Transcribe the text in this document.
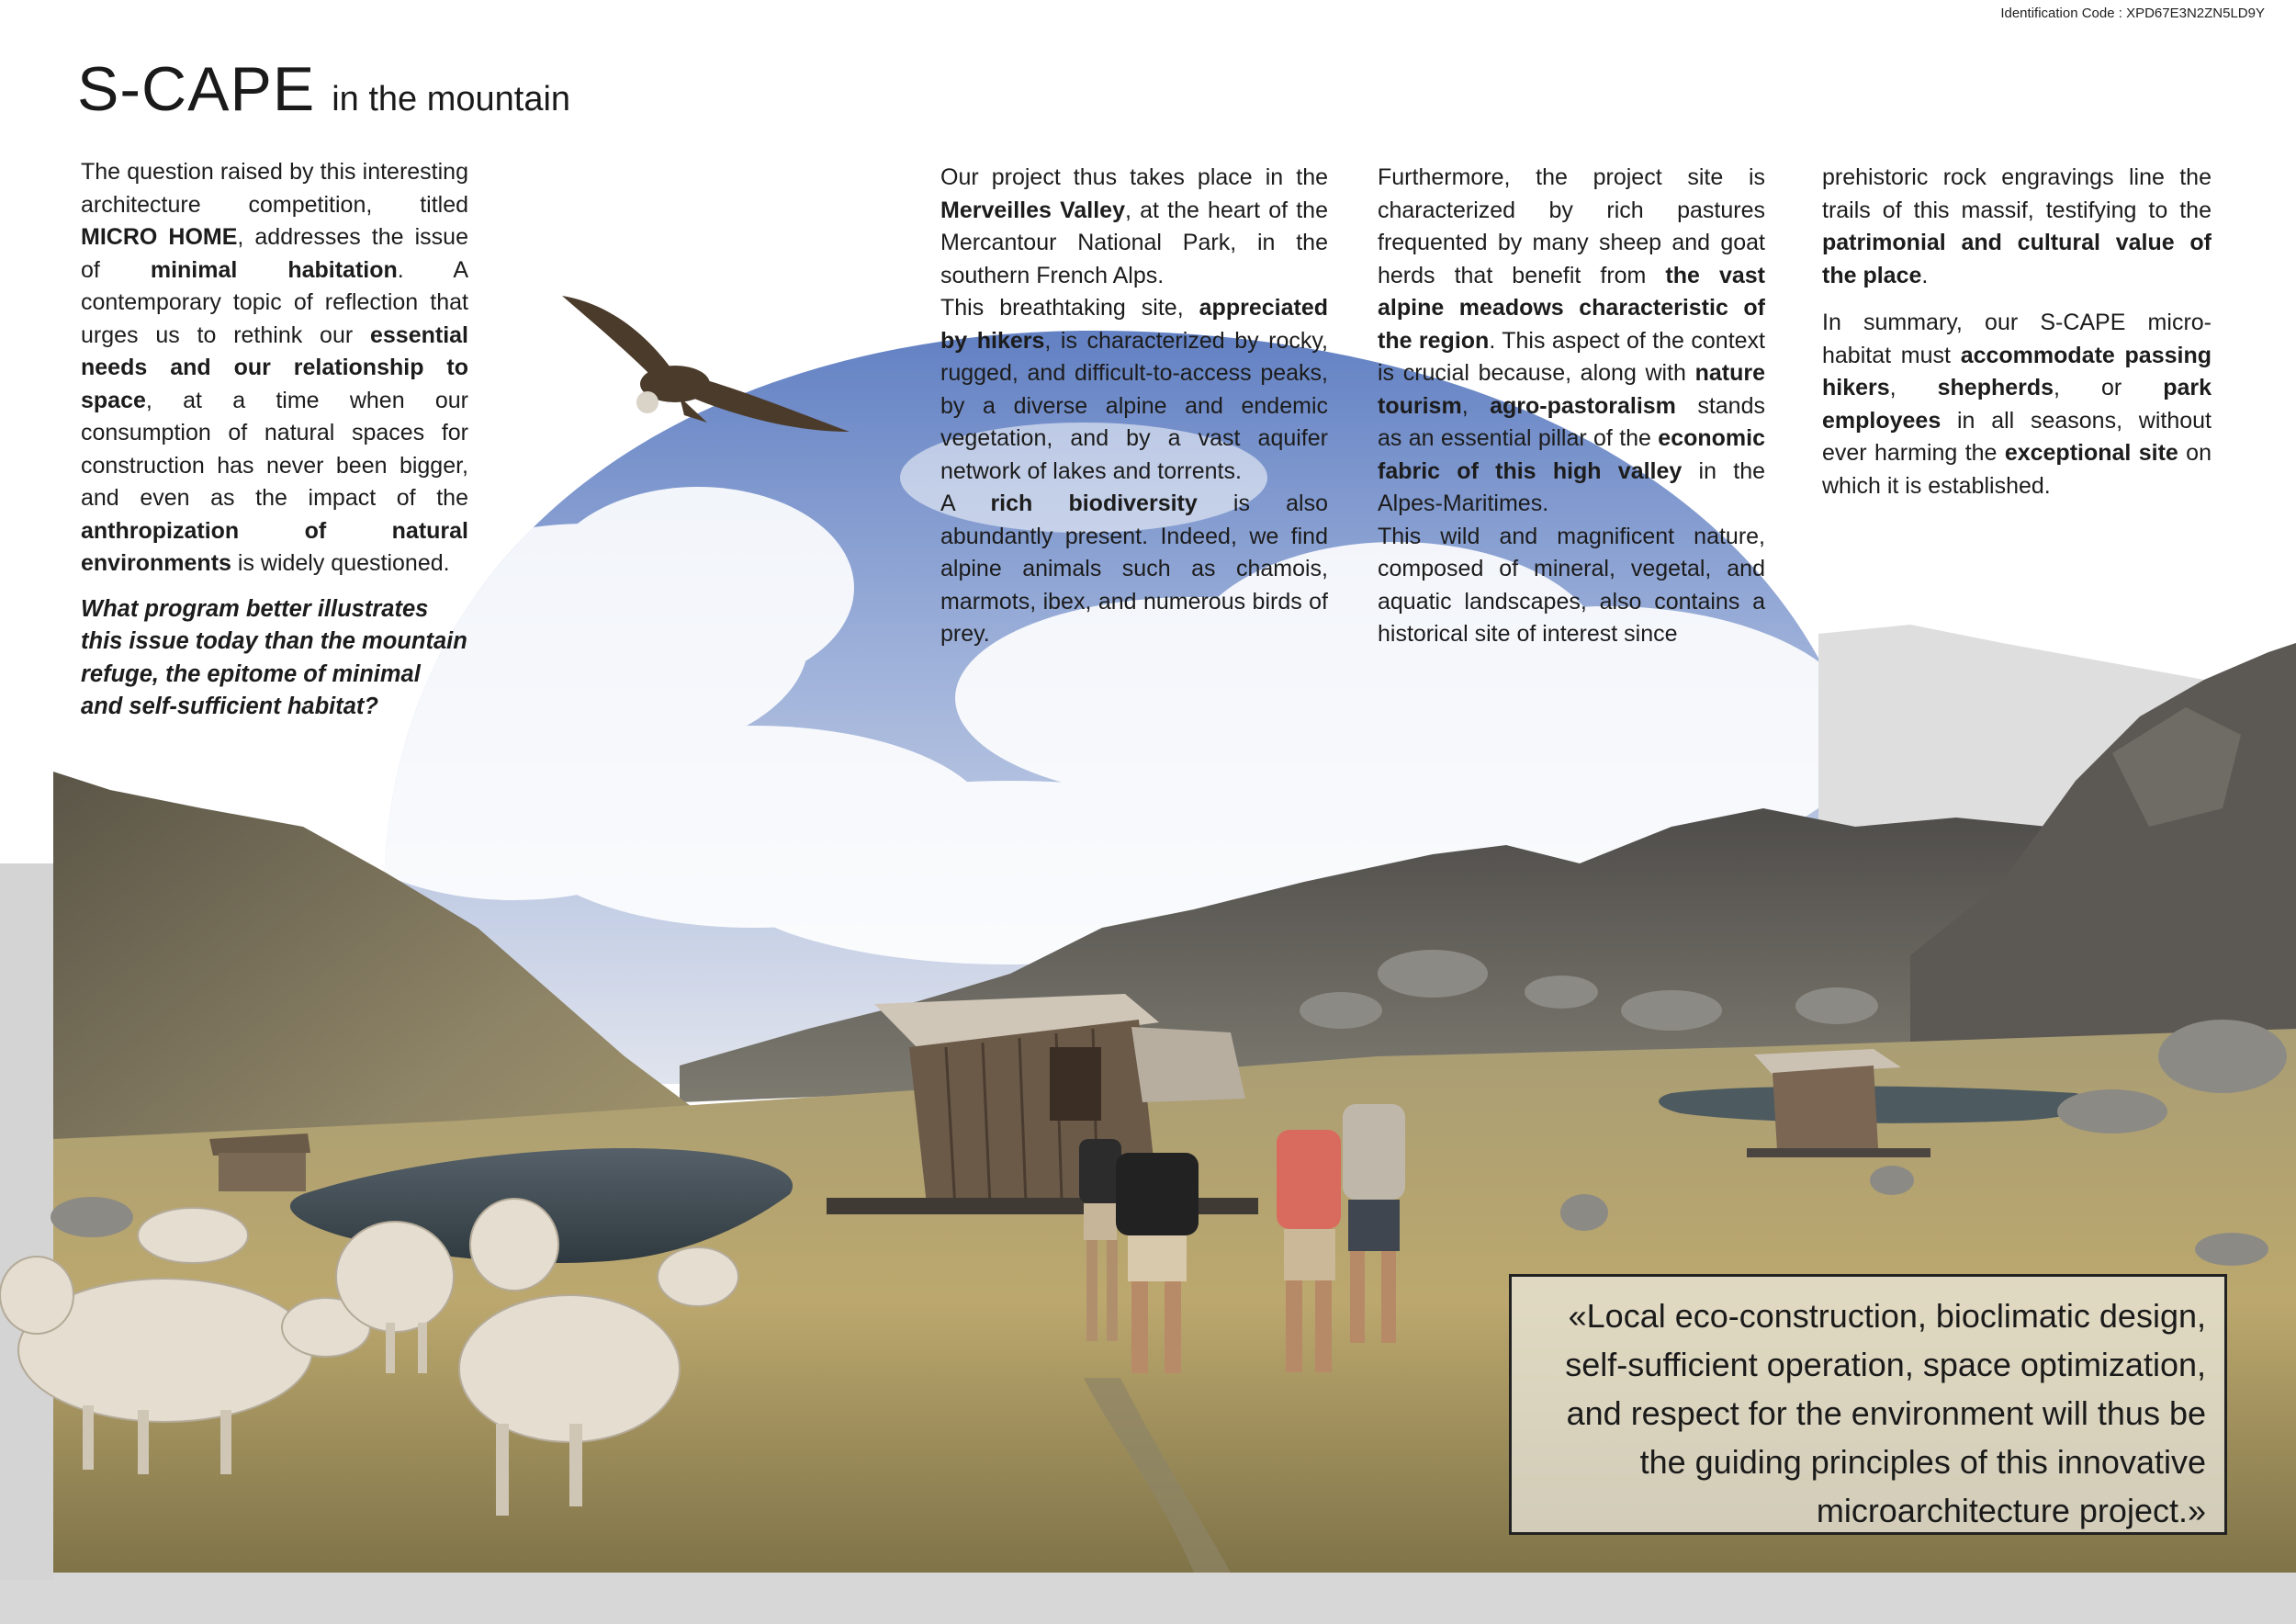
Identification Code : XPD67E3N2ZN5LD9Y
S-CAPE in the mountain

The question raised by this interesting architecture competition, titled MICRO HOME, addresses the issue of minimal habitation. A contemporary topic of reflection that urges us to rethink our essential needs and our relationship to space, at a time when our consumption of natural spaces for construction has never been bigger, and even as the impact of the anthropization of natural environments is widely questioned.

What program better illustrates this issue today than the mountain refuge, the epitome of minimal and self-sufficient habitat?

Our project thus takes place in the Merveilles Valley, at the heart of the Mercantour National Park, in the southern French Alps.

This breathtaking site, appreciated by hikers, is characterized by rocky, rugged, and difficult-to-access peaks, by a diverse alpine and endemic vegetation, and by a vast aquifer network of lakes and torrents.

A rich biodiversity is also abundantly present. Indeed, we find alpine animals such as chamois, marmots, ibex, and numerous birds of prey.

Furthermore, the project site is characterized by rich pastures frequented by many sheep and goat herds that benefit from the vast alpine meadows characteristic of the region. This aspect of the context is crucial because, along with nature tourism, agro-pastoralism stands as an essential pillar of the economic fabric of this high valley in the Alpes-Maritimes.

This wild and magnificent nature, composed of mineral, vegetal, and aquatic landscapes, also contains a historical site of interest since

prehistoric rock engravings line the trails of this massif, testifying to the patrimonial and cultural value of the place.

In summary, our S-CAPE micro-habitat must accommodate passing hikers, shepherds, or park employees in all seasons, without ever harming the exceptional site on which it is established.

«Local eco-construction, bioclimatic design,
self-sufficient operation, space optimization,
and respect for the environment will thus be
the guiding principles of this innovative
microarchitecture project.»
